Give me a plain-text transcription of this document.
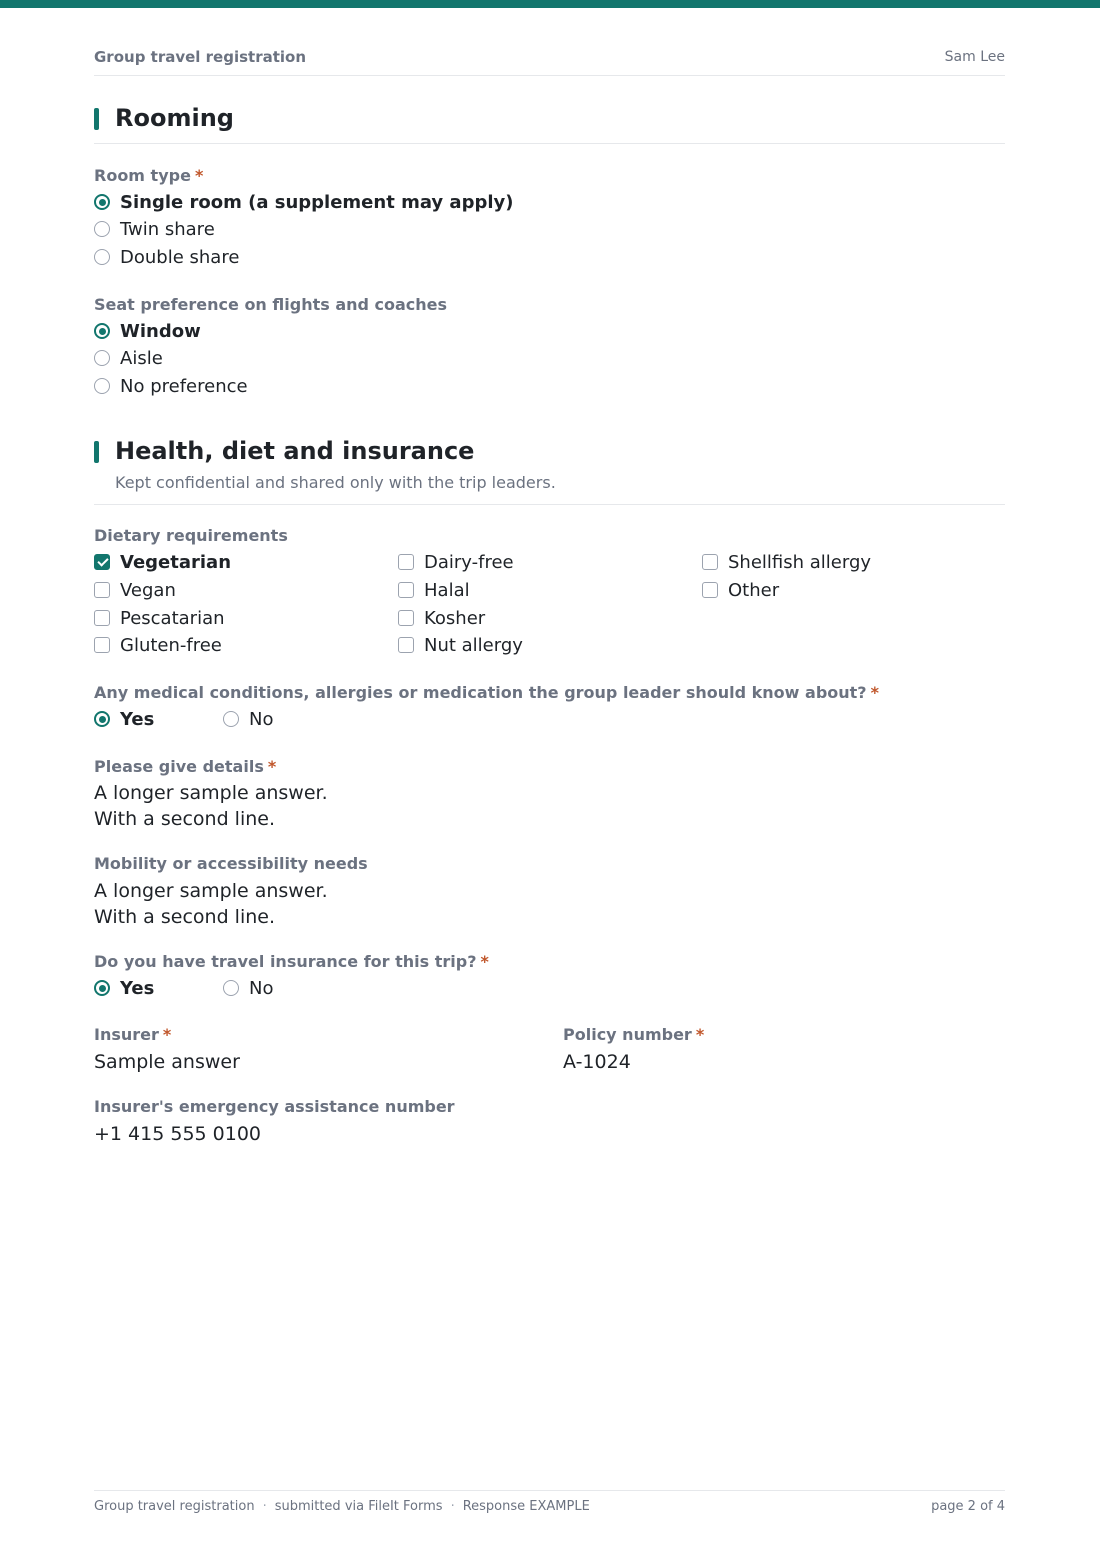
Group travel registration	Sam Lee
Rooming
Room type *
Single room (a supplement may apply)
Twin share
Double share
Seat preference on flights and coaches
Window
Aisle
No preference
Health, diet and insurance
Kept confidential and shared only with the trip leaders.
Dietary requirements
Vegetarian
Vegan
Pescatarian
Gluten-free
Dairy-free
Halal
Kosher
Nut allergy
Shellfish allergy
Other
Any medical conditions, allergies or medication the group leader should know about? *
Yes	No
Please give details *
A longer sample answer.
With a second line.
Mobility or accessibility needs
A longer sample answer.
With a second line.
Do you have travel insurance for this trip? *
Yes	No
Insurer *
Sample answer
Policy number *
A-1024
Insurer's emergency assistance number
+1 415 555 0100
Group travel registration · submitted via FileIt Forms · Response EXAMPLE	page 2 of 4
